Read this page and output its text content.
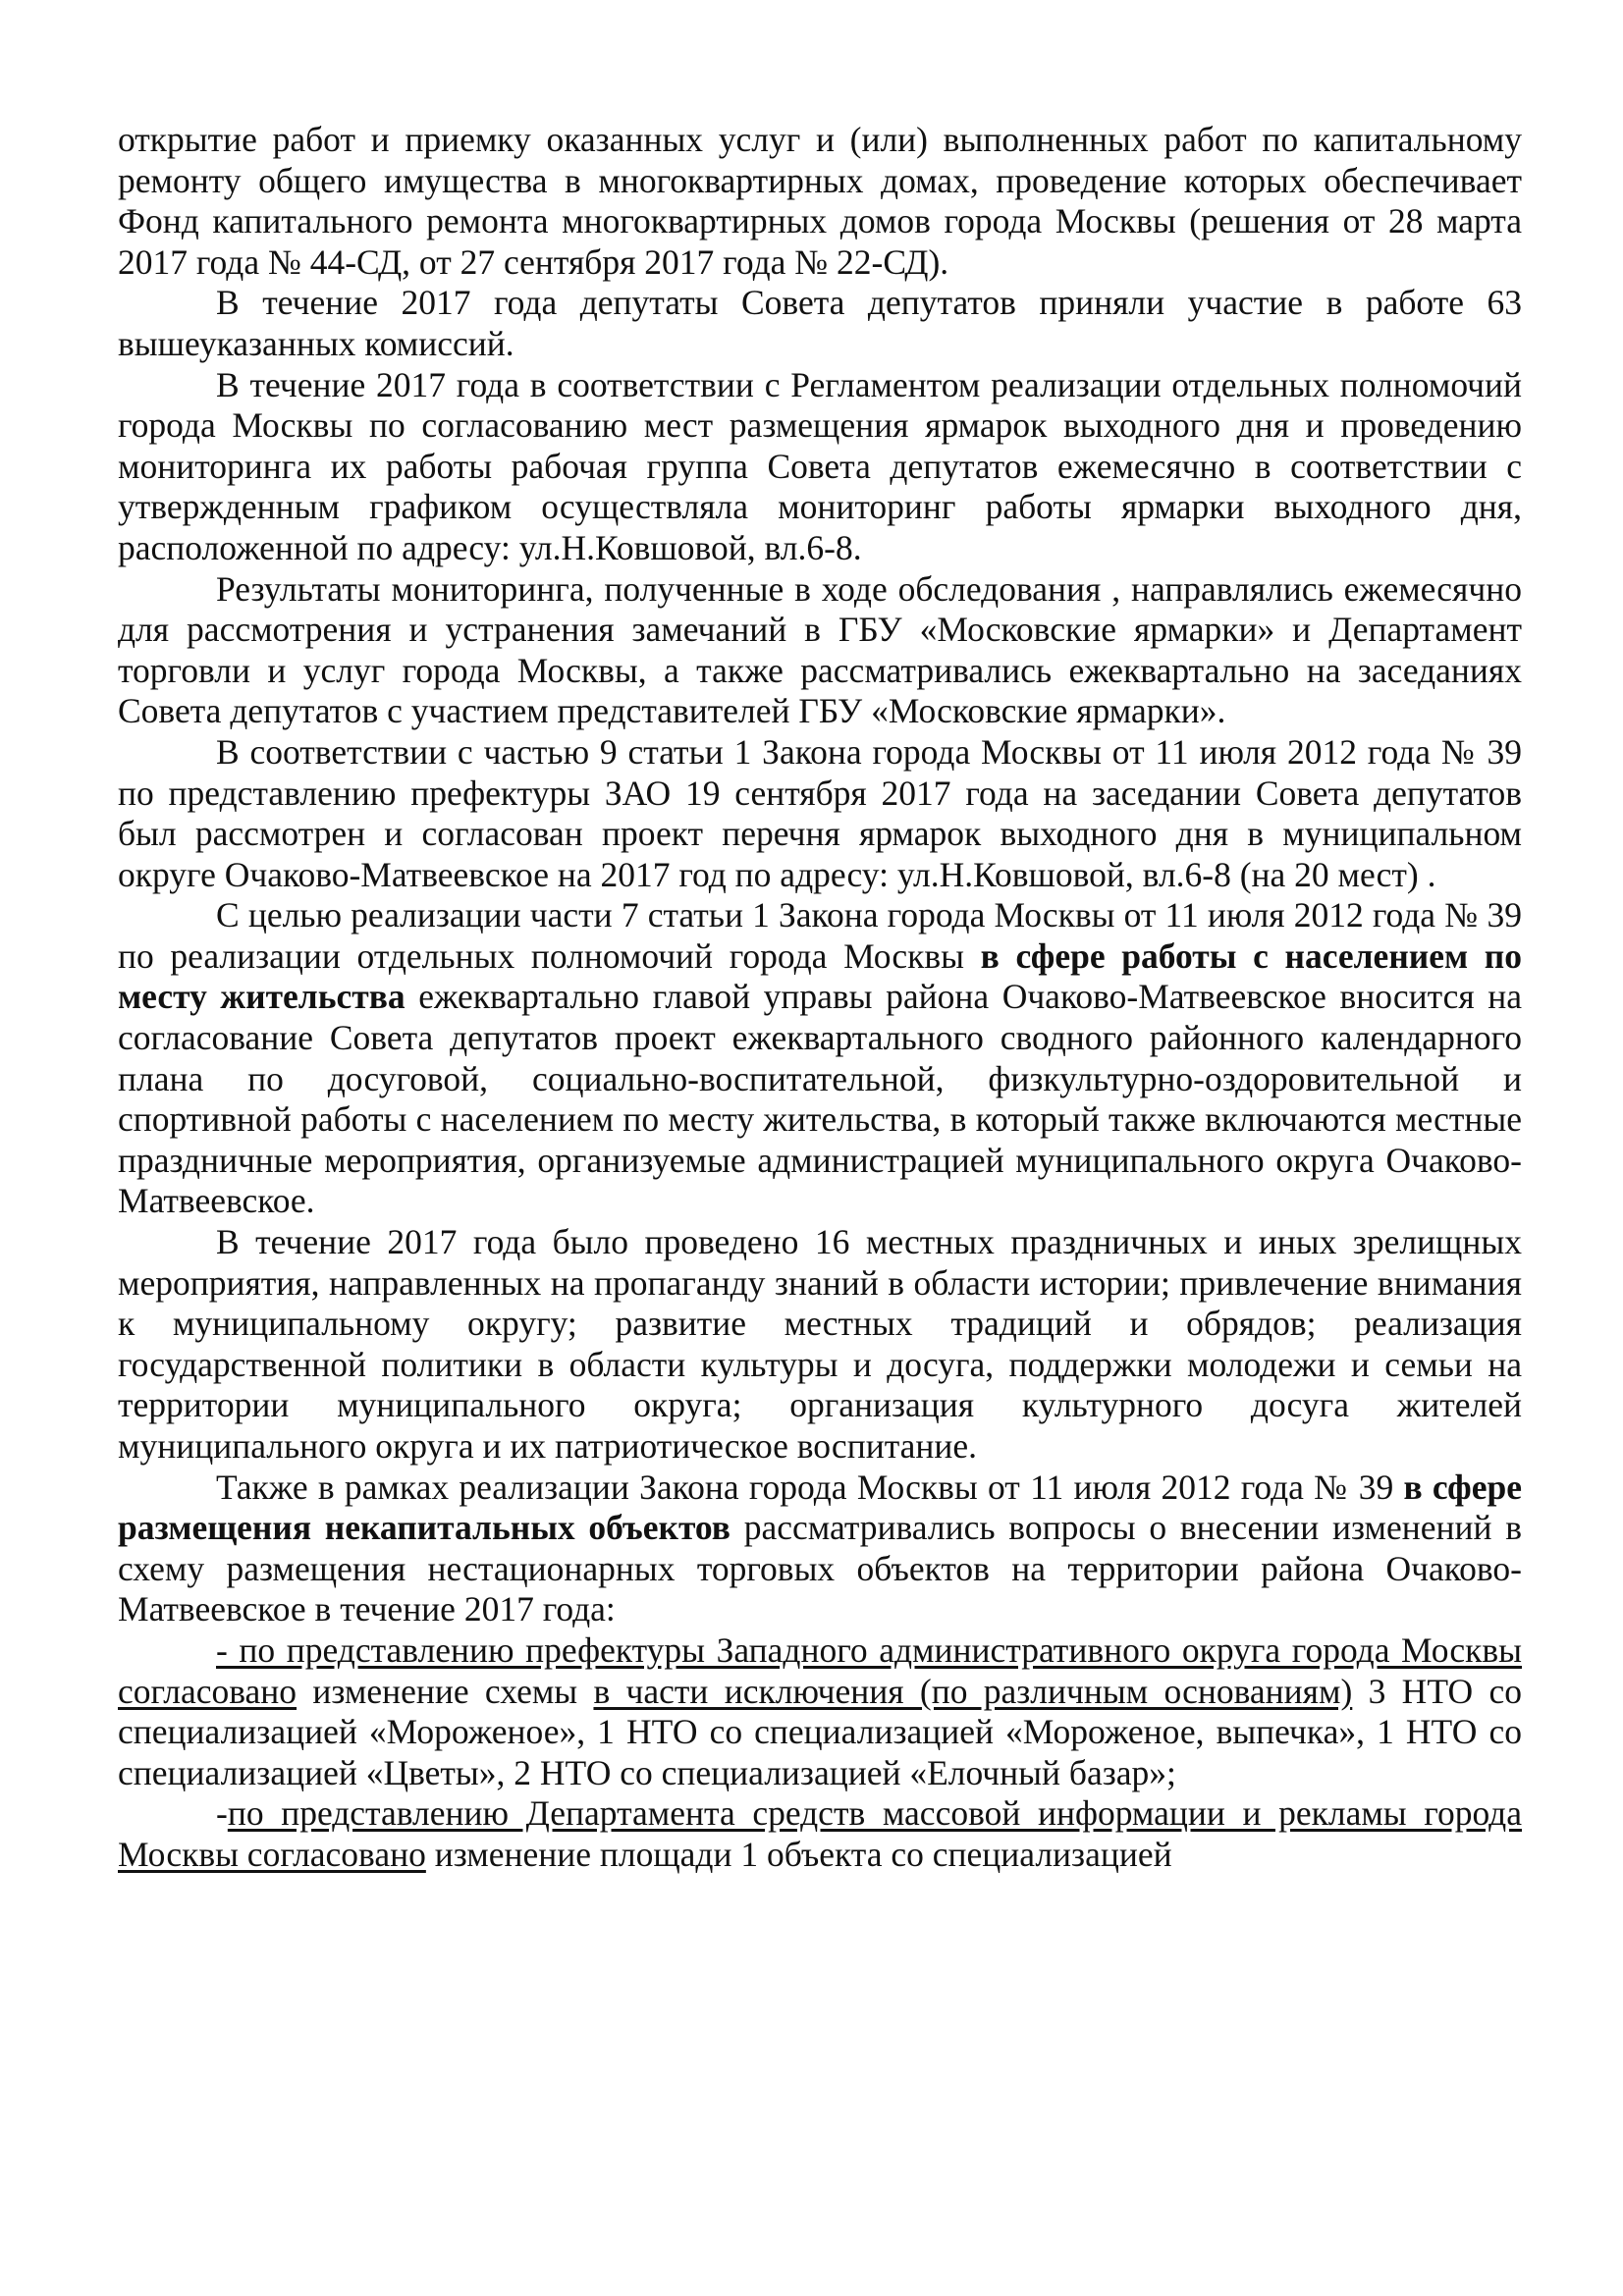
открытие работ и приемку оказанных услуг и (или) выполненных работ по капитальному ремонту общего имущества в многоквартирных домах, проведение которых обеспечивает Фонд капитального ремонта многоквартирных домов города Москвы (решения от 28 марта 2017 года № 44-СД, от 27 сентября 2017 года № 22-СД).

В течение 2017 года депутаты Совета депутатов приняли участие в работе 63 вышеуказанных комиссий.

В течение 2017 года в соответствии с Регламентом реализации отдельных полномочий города Москвы по согласованию мест размещения ярмарок выходного дня и проведению мониторинга их работы рабочая группа Совета депутатов ежемесячно в соответствии с утвержденным графиком осуществляла мониторинг работы ярмарки выходного дня, расположенной по адресу: ул.Н.Ковшовой, вл.6-8.

Результаты мониторинга, полученные в ходе обследования , направлялись ежемесячно для рассмотрения и устранения замечаний в ГБУ «Московские ярмарки» и Департамент торговли и услуг города Москвы, а также рассматривались ежеквартально на заседаниях Совета депутатов с участием представителей ГБУ «Московские ярмарки».

В соответствии с частью 9 статьи 1 Закона города Москвы от 11 июля 2012 года № 39 по представлению префектуры ЗАО 19 сентября 2017 года на заседании Совета депутатов был рассмотрен и согласован проект перечня ярмарок выходного дня в муниципальном округе Очаково-Матвеевское на 2017 год по адресу: ул.Н.Ковшовой, вл.6-8 (на 20 мест) .

С целью реализации части 7 статьи 1 Закона города Москвы от 11 июля 2012 года № 39 по реализации отдельных полномочий города Москвы в сфере работы с населением по месту жительства ежеквартально главой управы района Очаково-Матвеевское вносится на согласование Совета депутатов проект ежеквартального сводного районного календарного плана по досуговой, социально-воспитательной, физкультурно-оздоровительной и спортивной работы с населением по месту жительства, в который также включаются местные праздничные мероприятия, организуемые администрацией муниципального округа Очаково-Матвеевское.

В течение 2017 года было проведено 16 местных праздничных и иных зрелищных мероприятия, направленных на пропаганду знаний в области истории; привлечение внимания к муниципальному округу; развитие местных традиций и обрядов; реализация государственной политики в области культуры и досуга, поддержки молодежи и семьи на территории муниципального округа; организация культурного досуга жителей муниципального округа и их патриотическое воспитание.

Также в рамках реализации Закона города Москвы от 11 июля 2012 года № 39 в сфере размещения некапитальных объектов рассматривались вопросы о внесении изменений в схему размещения нестационарных торговых объектов на территории района Очаково-Матвеевское в течение 2017 года:

- по представлению префектуры Западного административного округа города Москвы согласовано изменение схемы в части исключения (по различным основаниям) 3 НТО со специализацией «Мороженое», 1 НТО со специализацией «Мороженое, выпечка», 1 НТО со специализацией «Цветы», 2 НТО со специализацией «Елочный базар»;

-по представлению Департамента средств массовой информации и рекламы города Москвы согласовано изменение площади 1 объекта со специализацией
